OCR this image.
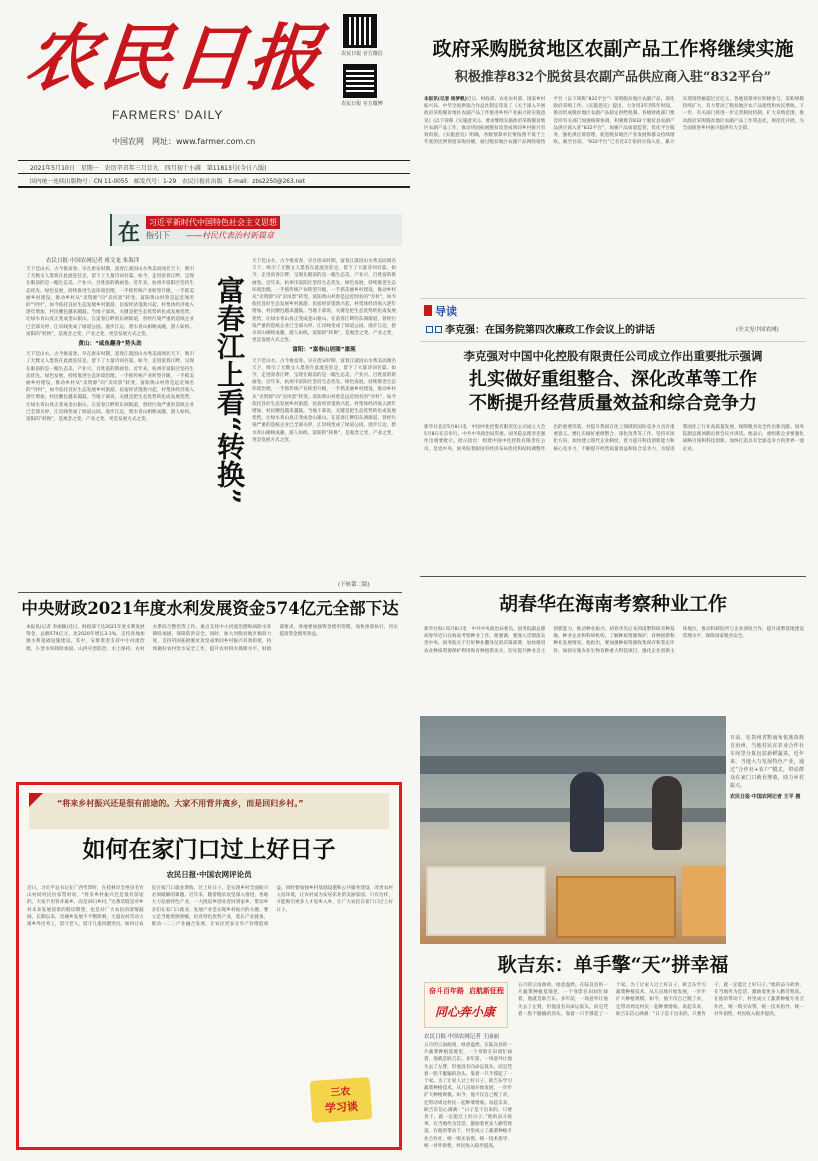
农民日报
FARMERS' DAILY
中国农网　网址：www.farmer.com.cn
农民日报 官方微信
农民日报 官方微博
2021年5月10日　星期一　农历辛丑年三月廿九　四月初十小满　第11813号(今日八版)
国内统一连续出版物号：CN 11-0055　邮发代号：1-29　农民日报社出版　E-mail：zbs2250@263.net
政府采购脱贫地区农副产品工作将继续实施
积极推荐832个脱贫县农副产品供应商入驻“832平台”
本报讯(记者 杨梦帆)近日，财政部、农业农村部、国家乡村振兴局、中华全国供销合作总社制定印发了《关于深入开展政府采购脱贫地区农副产品工作推进乡村产业振兴的实施意见》(以下简称《实施意见》)。要求继续实施政府采购脱贫地区农副产品工作，推动巩固拓展脱贫攻坚成果同乡村振兴有效衔接。《实施意见》明确，各级预算单位要按照不低于上年度的比例预留采购份额，通过脱贫地区农副产品网络销售平台（以下简称“832平台”）采购脱贫地区农副产品，深化政府采购工作。《实施意见》提出，力争用3年到5年时间，推动形成脱贫地区农副产品稳定供给机制，各级财政部门要会同有关部门加强统筹协调，积极推荐832个脱贫县农副产品供应商入驻“832平台”，加强产品质量监管，优化平台服务，强化供应商管理，促进脱贫地区产业发展和群众持续增收。截至目前，“832平台”已有近2万家供应商入驻，累计实现销售额超过百亿元。各地预算单位积极参与，采购规模持续扩大，有力带动了脱贫地区农产品销售和农民增收。下一步，有关部门将进一步完善制度机制，扩大采购范围，推动政府采购脱贫地区农副产品工作常态化、规范化开展，为全面推进乡村振兴提供有力支撑。
在	习近平新时代中国特色社会主义思想
指引下 ——村民代表治村新篇章
农民日报·中国农网记者 蒋文龙 朱海洋
天下佳山水，古今推富春。早在唐宋时期，富春江就因山水秀美而闻名天下，吸引了无数文人墨客在此流连驻足，留下了大量诗词名篇。如今，走进富春江畔，呈现在眼前的是一幅生态美、产业兴、百姓富的新画卷。近年来，杭州市富阳区坚持生态优先、绿色发展，持续推进生态环境治理，一手抓传统产业转型升级，一手抓美丽乡村建设，推动乡村从“卖资源”向“卖风景”转变。富阳黄山村曾是远近闻名的“穷村”，如今依托良好生态发展乡村旅游，民宿经济蓬勃兴起，村集体经济收入逐年增加，村民腰包越来越鼓。当地干部说，关键是把生态优势转化成发展优势，让绿水青山真正变成金山银山。在富春江畔的东洲街道，曾经污染严重的造纸企业已全部关停，江岸线变成了绿道公园。漫步江边，碧水青山相映成趣，游人如织。富阳的“转换”，是观念之变、产业之变，更是发展方式之变。
黄山：“咸鱼翻身”势头劲
天下佳山水，古今推富春。早在唐宋时期，富春江就因山水秀美而闻名天下，吸引了无数文人墨客在此流连驻足，留下了大量诗词名篇。如今，走进富春江畔，呈现在眼前的是一幅生态美、产业兴、百姓富的新画卷。近年来，杭州市富阳区坚持生态优先、绿色发展，持续推进生态环境治理，一手抓传统产业转型升级，一手抓美丽乡村建设，推动乡村从“卖资源”向“卖风景”转变。富阳黄山村曾是远近闻名的“穷村”，如今依托良好生态发展乡村旅游，民宿经济蓬勃兴起，村集体经济收入逐年增加，村民腰包越来越鼓。当地干部说，关键是把生态优势转化成发展优势，让绿水青山真正变成金山银山。在富春江畔的东洲街道，曾经污染严重的造纸企业已全部关停，江岸线变成了绿道公园。漫步江边，碧水青山相映成趣，游人如织。富阳的“转换”，是观念之变、产业之变，更是发展方式之变。	富春江上看“转换”
天下佳山水，古今推富春。早在唐宋时期，富春江就因山水秀美而闻名天下，吸引了无数文人墨客在此流连驻足，留下了大量诗词名篇。如今，走进富春江畔，呈现在眼前的是一幅生态美、产业兴、百姓富的新画卷。近年来，杭州市富阳区坚持生态优先、绿色发展，持续推进生态环境治理，一手抓传统产业转型升级，一手抓美丽乡村建设，推动乡村从“卖资源”向“卖风景”转变。富阳黄山村曾是远近闻名的“穷村”，如今依托良好生态发展乡村旅游，民宿经济蓬勃兴起，村集体经济收入逐年增加，村民腰包越来越鼓。当地干部说，关键是把生态优势转化成发展优势，让绿水青山真正变成金山银山。在富春江畔的东洲街道，曾经污染严重的造纸企业已全部关停，江岸线变成了绿道公园。漫步江边，碧水青山相映成趣，游人如织。富阳的“转换”，是观念之变、产业之变，更是发展方式之变。
富阳：“富春山居图”重现
天下佳山水，古今推富春。早在唐宋时期，富春江就因山水秀美而闻名天下，吸引了无数文人墨客在此流连驻足，留下了大量诗词名篇。如今，走进富春江畔，呈现在眼前的是一幅生态美、产业兴、百姓富的新画卷。近年来，杭州市富阳区坚持生态优先、绿色发展，持续推进生态环境治理，一手抓传统产业转型升级，一手抓美丽乡村建设，推动乡村从“卖资源”向“卖风景”转变。富阳黄山村曾是远近闻名的“穷村”，如今依托良好生态发展乡村旅游，民宿经济蓬勃兴起，村集体经济收入逐年增加，村民腰包越来越鼓。当地干部说，关键是把生态优势转化成发展优势，让绿水青山真正变成金山银山。在富春江畔的东洲街道，曾经污染严重的造纸企业已全部关停，江岸线变成了绿道公园。漫步江边，碧水青山相映成趣，游人如织。富阳的“转换”，是观念之变、产业之变，更是发展方式之变。
(下转第二版)
导读
李克强：在国务院第四次廉政工作会议上的讲话	(全文见中国农网)
李克强对中国中化控股有限责任公司成立作出重要批示强调
扎实做好重组整合、深化改革等工作
不断提升经营质量效益和综合竞争力
新华社北京5月8日电　中国中化控股有限责任公司成立大会5月8日在京举行。中共中央政治局常委、国务院总理李克强作出重要批示。批示指出：组建中国中化控股有限责任公司，是党中央、国务院着眼国有经济布局优化和结构调整作出的重要决策，对提升我国在化工领域的国际竞争力具有重要意义。要扎实做好重组整合、深化改革等工作，坚持市场化方向，加快建立现代企业制度，着力提升科技创新能力和核心竞争力，不断提升经营质量效益和综合竞争力，为促进我国化工行业高质量发展、保障粮食安全作出新贡献。国务院副总理刘鹤出席会议并讲话。他表示，重组新企业要强化战略引领和科技创新，加快打造具有全球竞争力的世界一流企业。
胡春华在海南考察种业工作
新华社海口5月8日电　中共中央政治局委员、国务院副总理胡春华近日在海南考察种业工作。他强调，要深入贯彻落实党中央、国务院关于打好种业翻身仗的决策部署，加快推进农业种质资源保护利用和育种创新攻关，切实提升种业自主创新能力，推动种业振兴。胡春华先后来到南繁科研育种基地、种业企业和科研机构，了解种质资源保护、育种创新和种业发展情况。他指出，要加强种质资源收集保存和鉴定评价，加快实施农业生物育种重大科技项目，强化企业创新主体地位，推动科研院所与企业深度合作，提升南繁基地建设管理水平，保障国家粮食安全。
中央财政2021年度水利发展资金574亿元全部下达
本报讯(记者 李丽颖)近日，财政部下达2021年度水利发展资金，总额574亿元，比2020年增长3.1%，支持各地加强水利基础设施建设。其中，安排资金支持中小河流治理、小型水库除险加固、山洪灾害防治、水土保持、农村水系综合整治等工作。重点支持中小河流治理和病险水库除险加固，保障防洪安全。同时，加大对脱贫地区倾斜力度，支持巩固拓展脱贫攻坚成果同乡村振兴有效衔接，持续做好农村饮水安全工作，提升农村供水保障水平。财政部要求，各地要加强资金使用管理，加快预算执行，切实提高资金使用效益。
“将来乡村振兴还是很有前途的。大家不用背井离乡，而是回归乡村。”
如何在家门口过上好日子
农民日报·中国农网评论员
近日，习近平总书记在广西考察时，在桂林市全州县毛竹山村同村民拉家常时说，“将来乡村振兴还是很有前途的。大家不用背井离乡，而是回归乡村。”这番话既是对乡村未来发展前景的殷切期望，也是对广大农民的深情鼓励。长期以来，受城乡发展不平衡影响，大量农村劳动力离乡外出务工，留守老人、留守儿童问题突出。如何让农民在家门口就业增收、过上好日子，是实现乡村全面振兴必须破解的课题。近年来，随着脱贫攻坚深入推进，各地大力发展特色产业，一大批返乡创业者回到家乡，带动乡亲们在家门口就业。发展产业是实现乡村振兴的关键。要立足当地资源禀赋，培育特色优势产业，延长产业链条，推动一二三产业融合发展，让农民更多分享产业增值收益。同时要加强乡村基础设施和公共服务建设，改善农村人居环境，让农村成为安居乐业的美丽家园。只有这样，才能吸引更多人才返乡入乡，让广大农民在家门口过上好日子。
三农
学习谈
日前，在贵州省黔南布依族苗族自治州，当地村民在农业合作社车间里分拣包装新鲜蔬菜。近年来，当地大力发展特色产业，通过“合作社+农户”模式，带动群众在家门口就业增收，助力乡村振兴。
农民日报·中国农网记者 王平 摄
耿吉东：单手擎“天”拼幸福
奋斗百年路 启航新征程
同心奔小康
农民日报·中国农网记者 王丽丽
五月的云南曲靖，绿意盎然。在陆良县的一片蔬菜种植基地里，一个身影在田间忙碌着，他就是耿吉东。多年前，一场意外让他失去了左臂，但他没有向命运低头，而是凭着一股不服输的劲头，靠着一只手撑起了一个家。为了让家人过上好日子，耿吉东学习蔬菜种植技术，从几亩地开始发展，一步步扩大种植规模。如今，他不仅自己脱了贫，还带动周边村民一起种菜增收。说起未来，耿吉东信心满满：“日子是干出来的，只要肯干，就一定能过上好日子。”他的奋斗故事，在当地传为佳话，激励着更多人勤劳致富。在他的带动下，村里成立了蔬菜种植专业合作社，统一购买农资、统一技术指导、统一对外销售，村民收入稳步提高。
五月的云南曲靖，绿意盎然。在陆良县的一片蔬菜种植基地里，一个身影在田间忙碌着，他就是耿吉东。多年前，一场意外让他失去了左臂，但他没有向命运低头，而是凭着一股不服输的劲头，靠着一只手撑起了一个家。为了让家人过上好日子，耿吉东学习蔬菜种植技术，从几亩地开始发展，一步步扩大种植规模。如今，他不仅自己脱了贫，还带动周边村民一起种菜增收。说起未来，耿吉东信心满满：“日子是干出来的，只要肯干，就一定能过上好日子。”他的奋斗故事，在当地传为佳话，激励着更多人勤劳致富。在他的带动下，村里成立了蔬菜种植专业合作社，统一购买农资、统一技术指导、统一对外销售，村民收入稳步提高。
